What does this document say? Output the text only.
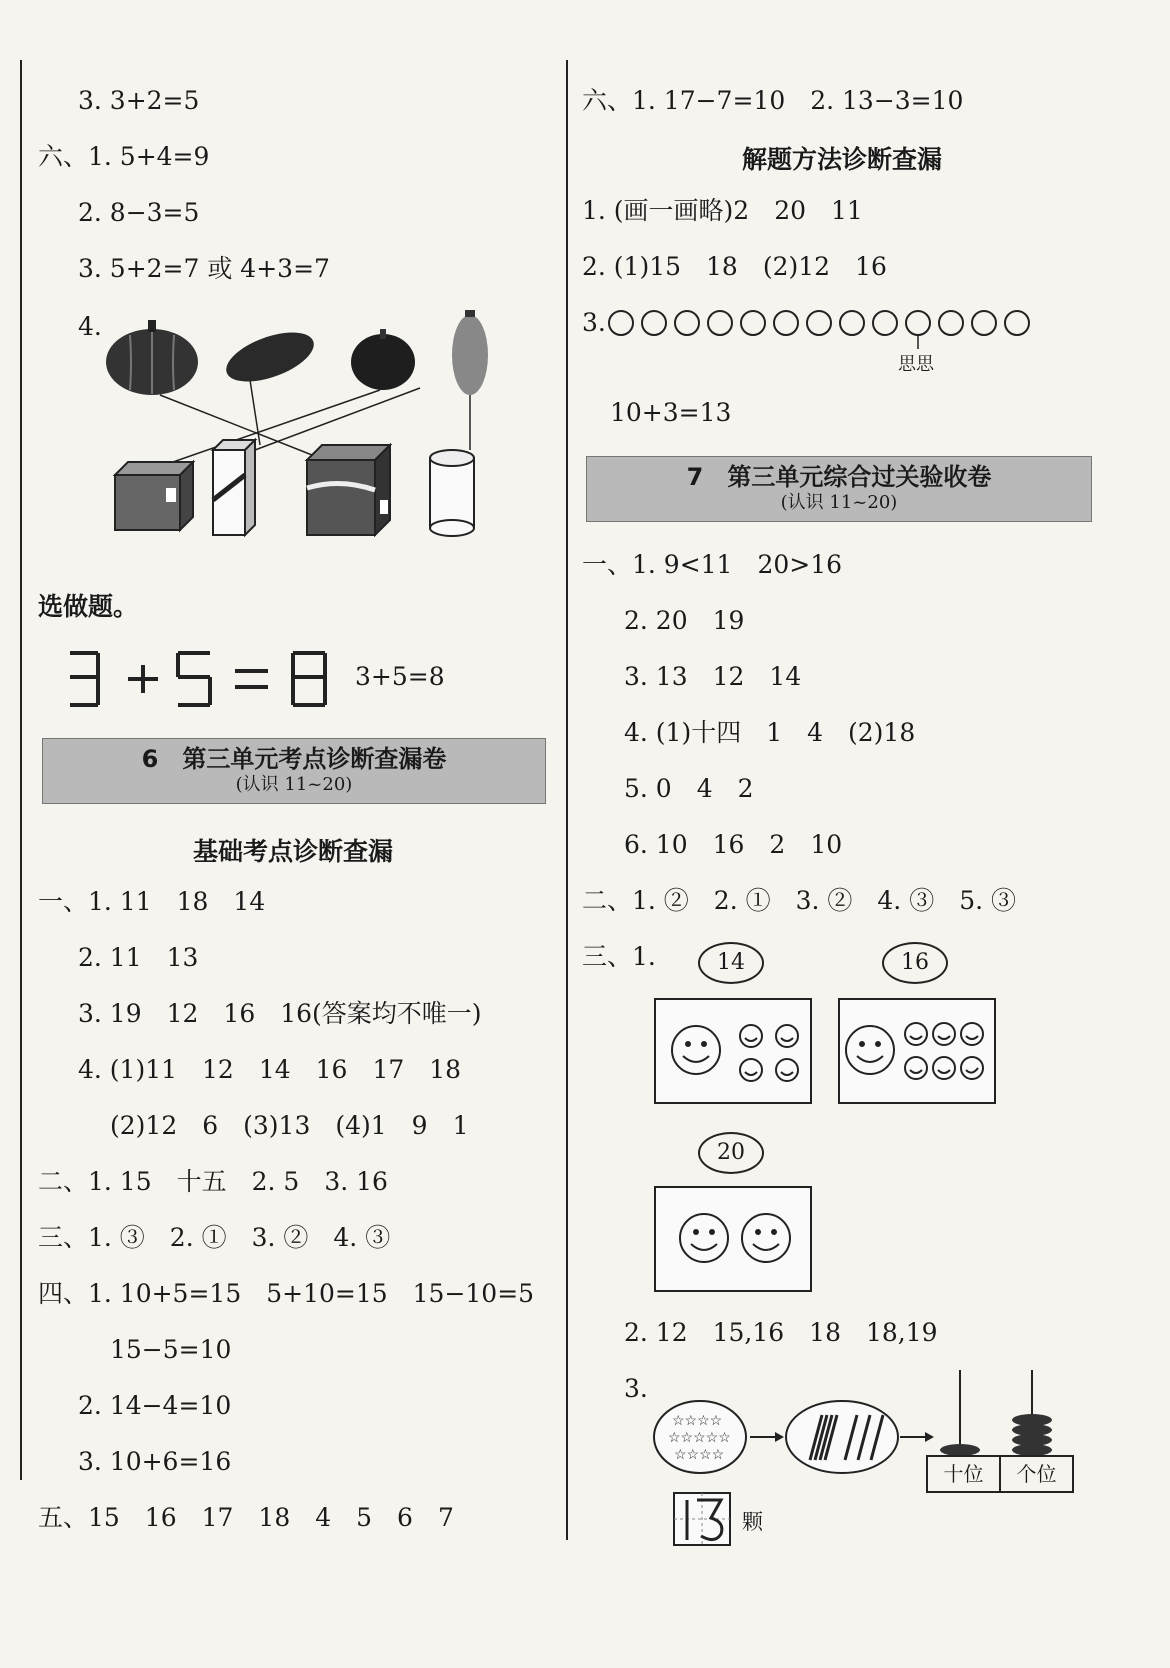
3. 3+2=5
六、1. 5+4=9
2. 8−3=5
3. 5+2=7 或 4+3=7
4.
选做题。
3+5=8
6　 第三单元考点诊断查漏卷
(认识 11~20)
基础考点诊断查漏
一、1. 11　18　14
2. 11　13
3. 19　12　16　16(答案均不唯一)
4. (1)11　12　14　16　17　18
(2)12　6　(3)13　(4)1　9　1
二、1. 15　十五　2. 5　3. 16
三、1. ③　2. ①　3. ②　4. ③
四、1. 10+5=15　5+10=15　15−10=5
15−5=10
2. 14−4=10
3. 10+6=16
五、15　16　17　18　4　5　6　7
六、1. 17−7=10　2. 13−3=10
解题方法诊断查漏
1. (画一画略)2　20　11
2. (1)15　18　(2)12　16
3.
思思
10+3=13
7　 第三单元综合过关验收卷
(认识 11~20)
一、1. 9<11　20>16
2. 20　19
3. 13　12　14
4. (1)十四　1　4　(2)18
5. 0　4　2
6. 10　16　2　10
二、1. ②　2. ①　3. ②　4. ③　5. ③
三、1.	14	16
20
2. 12　15,16　18　18,19
3.
☆☆☆☆
☆☆☆☆☆
☆☆☆☆
十位	个位
颗
